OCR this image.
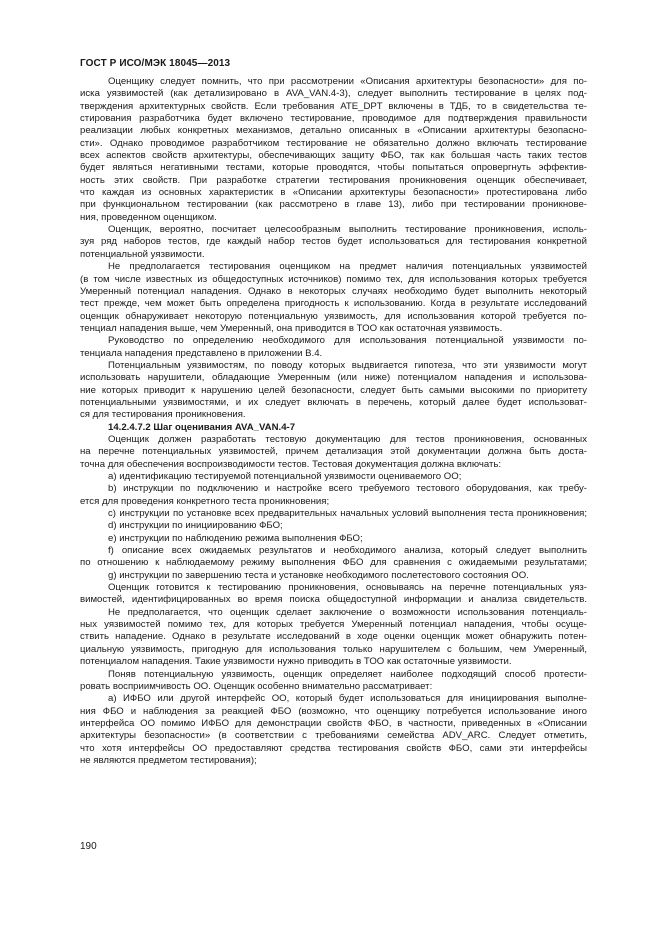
ГОСТ Р ИСО/МЭК 18045—2013
Оценщику следует помнить, что при рассмотрении «Описания архитектуры безопасности» для по-
иска уязвимостей (как детализировано в AVA_VAN.4-3), следует выполнить тестирование в целях под-
тверждения архитектурных свойств. Если требования ATE_DPT включены в ТДБ, то в свидетельства те-
стирования разработчика будет включено тестирование, проводимое для подтверждения правильности
реализации любых конкретных механизмов, детально описанных в «Описании архитектуры безопасно-
сти». Однако проводимое разработчиком тестирование не обязательно должно включать тестирование
всех аспектов свойств архитектуры, обеспечивающих защиту ФБО, так как большая часть таких тестов
будет являться негативными тестами, которые проводятся, чтобы попытаться опровергнуть эффектив-
ность этих свойств. При разработке стратегии тестирования проникновения оценщик обеспечивает,
что каждая из основных характеристик в «Описании архитектуры безопасности» протестирована либо
при функциональном тестировании (как рассмотрено в главе 13), либо при тестировании проникнове-
ния, проведенном оценщиком.
Оценщик, вероятно, посчитает целесообразным выполнить тестирование проникновения, исполь-
зуя ряд наборов тестов, где каждый набор тестов будет использоваться для тестирования конкретной
потенциальной уязвимости.
Не предполагается тестирования оценщиком на предмет наличия потенциальных уязвимостей
(в том числе известных из общедоступных источников) помимо тех, для использования которых требуется
Умеренный потенциал нападения. Однако в некоторых случаях необходимо будет выполнить некоторый
тест прежде, чем может быть определена пригодность к использованию. Когда в результате исследований
оценщик обнаруживает некоторую потенциальную уязвимость, для использования которой требуется по-
тенциал нападения выше, чем Умеренный, она приводится в ТОО как остаточная уязвимость.
Руководство по определению необходимого для использования потенциальной уязвимости по-
тенциала нападения представлено в приложении В.4.
Потенциальным уязвимостям, по поводу которых выдвигается гипотеза, что эти уязвимости могут
использовать нарушители, обладающие Умеренным (или ниже) потенциалом нападения и использова-
ние которых приводит к нарушению целей безопасности, следует быть самыми высокими по приоритету
потенциальными уязвимостями, и их следует включать в перечень, который далее будет использоват-
ся для тестирования проникновения.
14.2.4.7.2 Шаг оценивания AVA_VAN.4-7
Оценщик должен разработать тестовую документацию для тестов проникновения, основанных
на перечне потенциальных уязвимостей, причем детализация этой документации должна быть доста-
точна для обеспечения воспроизводимости тестов. Тестовая документация должна включать:
a) идентификацию тестируемой потенциальной уязвимости оцениваемого ОО;
b) инструкции по подключению и настройке всего требуемого тестового оборудования, как требу-
ется для проведения конкретного теста проникновения;
c) инструкции по установке всех предварительных начальных условий выполнения теста проникновения;
d) инструкции по инициированию ФБО;
e) инструкции по наблюдению режима выполнения ФБО;
f) описание всех ожидаемых результатов и необходимого анализа, который следует выполнить
по отношению к наблюдаемому режиму выполнения ФБО для сравнения с ожидаемыми результатами;
g) инструкции по завершению теста и установке необходимого послетестового состояния ОО.
Оценщик готовится к тестированию проникновения, основываясь на перечне потенциальных уяз-
вимостей, идентифицированных во время поиска общедоступной информации и анализа свидетельств.
Не предполагается, что оценщик сделает заключение о возможности использования потенциаль-
ных уязвимостей помимо тех, для которых требуется Умеренный потенциал нападения, чтобы осуще-
ствить нападение. Однако в результате исследований в ходе оценки оценщик может обнаружить потен-
циальную уязвимость, пригодную для использования только нарушителем с большим, чем Умеренный,
потенциалом нападения. Такие уязвимости нужно приводить в ТОО как остаточные уязвимости.
Поняв потенциальную уязвимость, оценщик определяет наиболее подходящий способ протести-
ровать восприимчивость ОО. Оценщик особенно внимательно рассматривает:
a) ИФБО или другой интерфейс ОО, который будет использоваться для инициирования выполне-
ния ФБО и наблюдения за реакцией ФБО (возможно, что оценщику потребуется использование иного
интерфейса ОО помимо ИФБО для демонстрации свойств ФБО, в частности, приведенных в «Описании
архитектуры безопасности» (в соответствии с требованиями семейства ADV_ARC. Следует отметить,
что хотя интерфейсы ОО предоставляют средства тестирования свойств ФБО, сами эти интерфейсы
не являются предметом тестирования);
190
